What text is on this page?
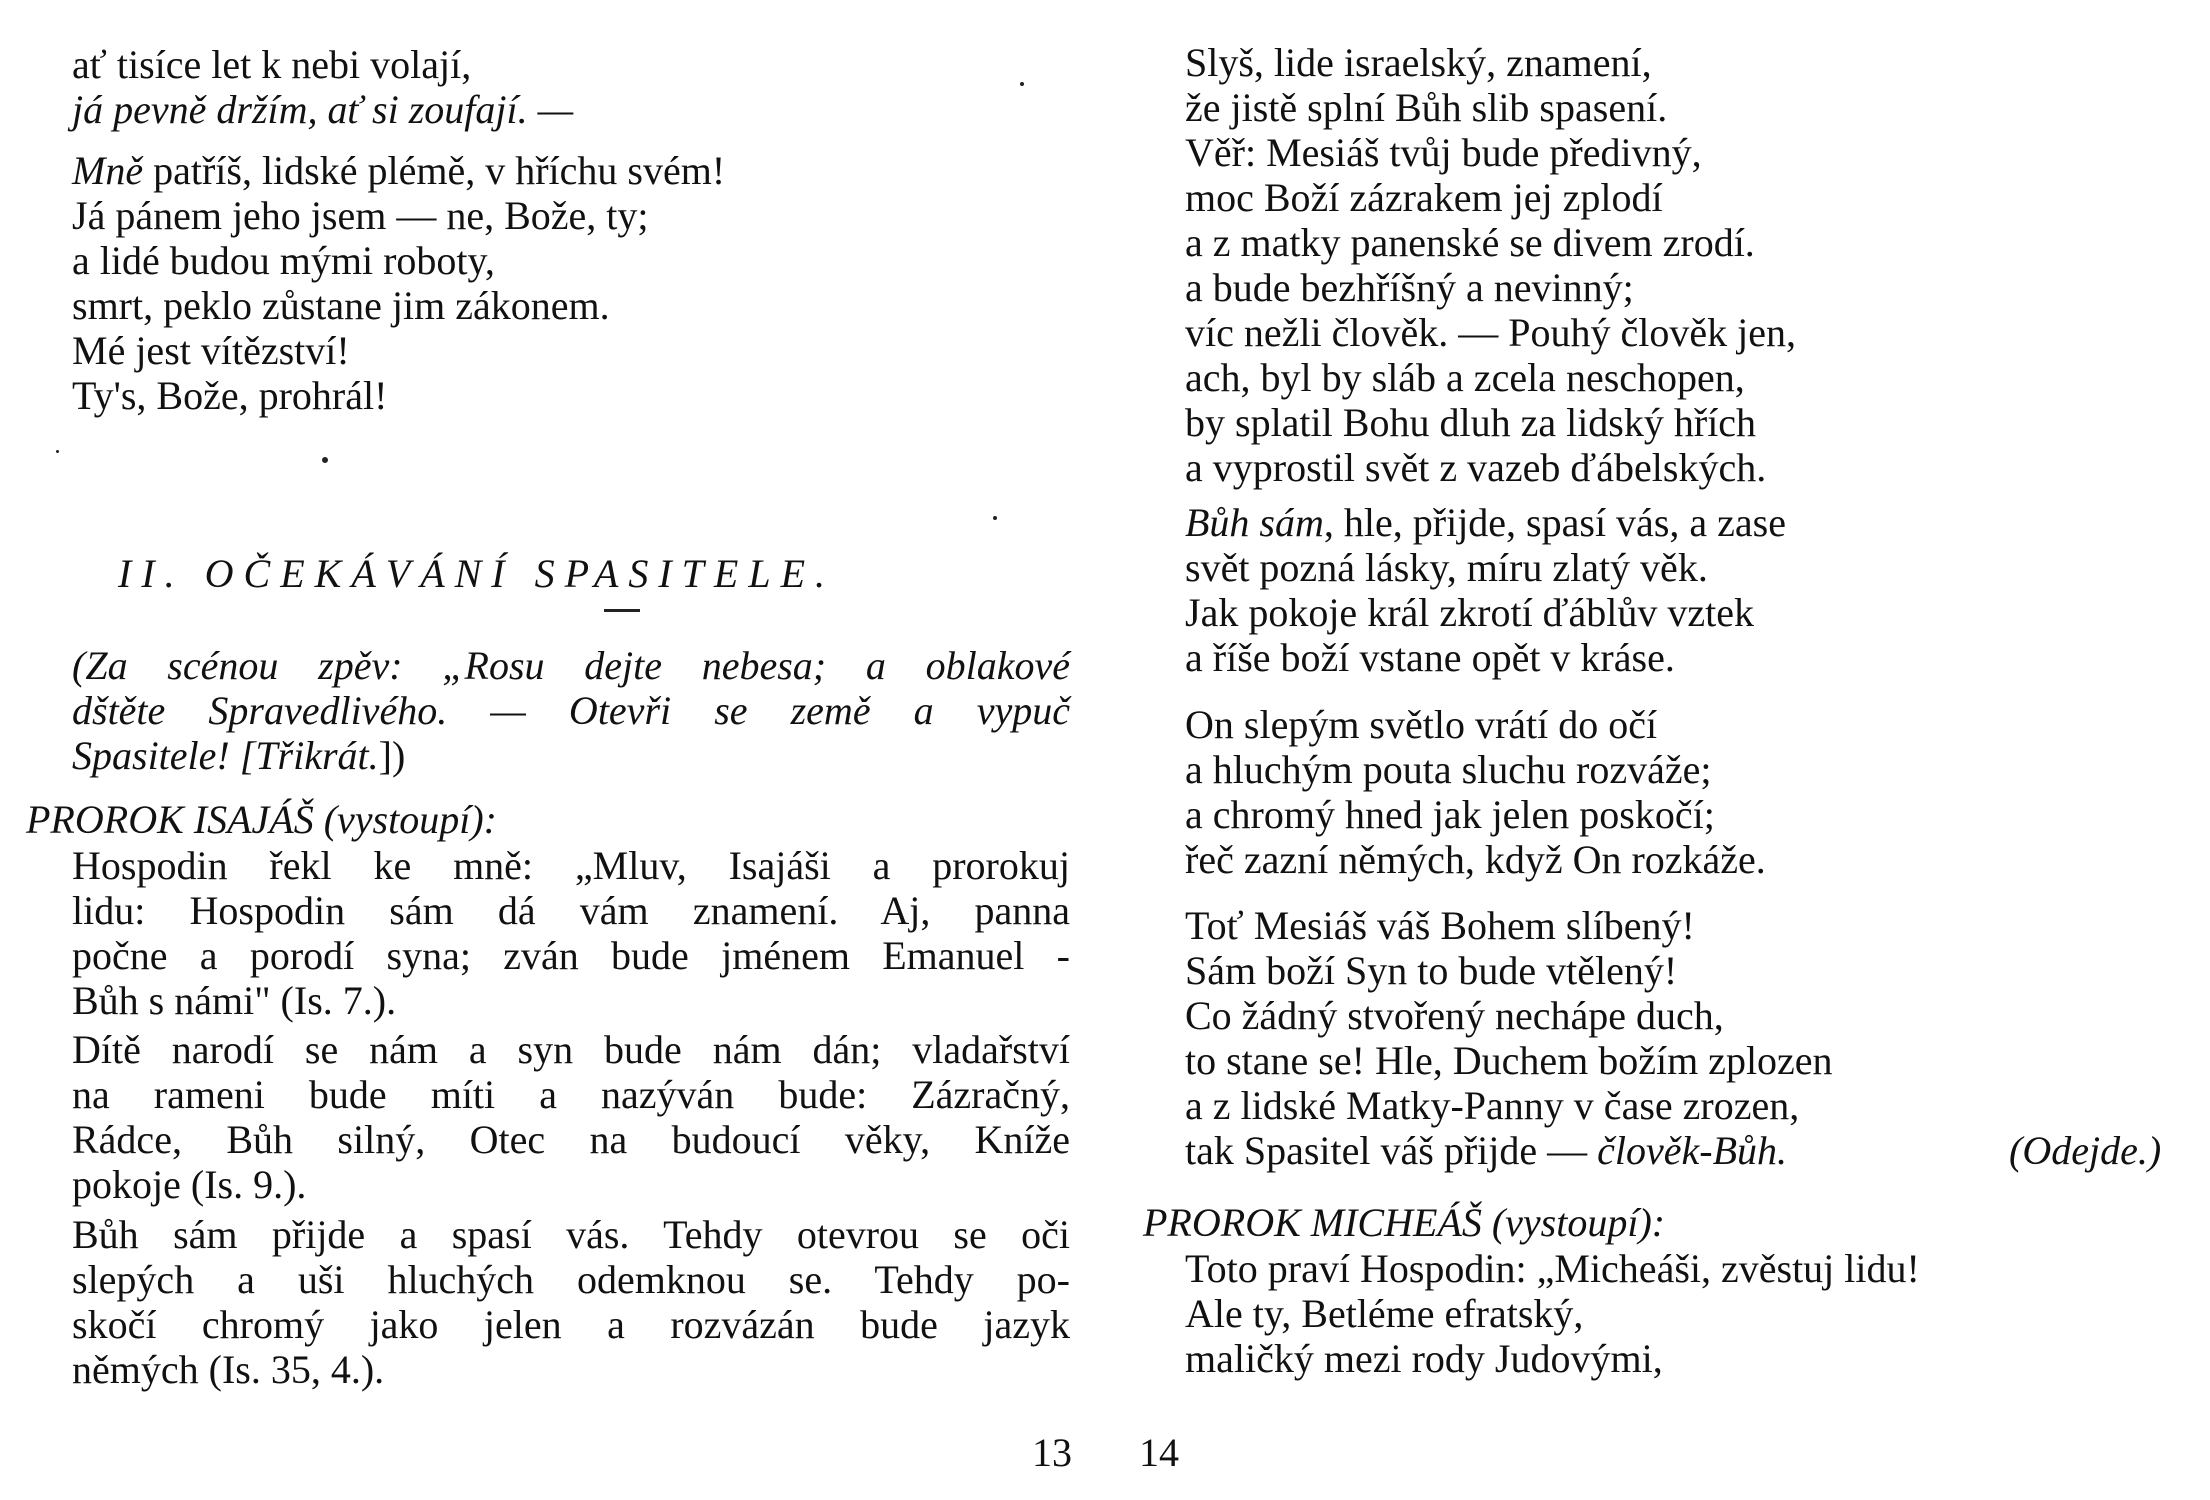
ať tisíce let k nebi volají,
já pevně držím, ať si zoufají. —
Mně patříš, lidské plémě, v hříchu svém!
Já pánem jeho jsem — ne, Bože, ty;
a lidé budou mými roboty,
smrt, peklo zůstane jim zákonem.
Mé jest vítězství!
Ty's, Bože, prohrál!
II. OČEKÁVÁNÍ SPASITELE.
(Za scénou zpěv: „Rosu dejte nebesa; a oblakové
dštěte Spravedlivého. — Otevři se země a vypuč
Spasitele! [Třikrát.])
PROROK ISAJÁŠ (vystoupí):
Hospodin řekl ke mně: „Mluv, Isajáši a prorokuj
lidu: Hospodin sám dá vám znamení. Aj, panna
počne a porodí syna; zván bude jménem Emanuel -
Bůh s námi" (Is. 7.).
Dítě narodí se nám a syn bude nám dán; vladařství
na rameni bude míti a nazýván bude: Zázračný,
Rádce, Bůh silný, Otec na budoucí věky, Kníže
pokoje (Is. 9.).
Bůh sám přijde a spasí vás. Tehdy otevrou se oči
slepých a uši hluchých odemknou se. Tehdy po-
skočí chromý jako jelen a rozvázán bude jazyk
němých (Is. 35, 4.).
13
Slyš, lide israelský, znamení,
že jistě splní Bůh slib spasení.
Věř: Mesiáš tvůj bude předivný,
moc Boží zázrakem jej zplodí
a z matky panenské se divem zrodí.
a bude bezhříšný a nevinný;
víc nežli člověk. — Pouhý člověk jen,
ach, byl by sláb a zcela neschopen,
by splatil Bohu dluh za lidský hřích
a vyprostil svět z vazeb ďábelských.
Bůh sám, hle, přijde, spasí vás, a zase
svět pozná lásky, míru zlatý věk.
Jak pokoje král zkrotí ďáblův vztek
a říše boží vstane opět v kráse.
On slepým světlo vrátí do očí
a hluchým pouta sluchu rozváže;
a chromý hned jak jelen poskočí;
řeč zazní němých, když On rozkáže.
Toť Mesiáš váš Bohem slíbený!
Sám boží Syn to bude vtělený!
Co žádný stvořený nechápe duch,
to stane se! Hle, Duchem božím zplozen
a z lidské Matky-Panny v čase zrozen,
tak Spasitel váš přijde — člověk-Bůh.	(Odejde.)
PROROK MICHEÁŠ (vystoupí):
Toto praví Hospodin: „Micheáši, zvěstuj lidu!
Ale ty, Betléme efratský,
maličký mezi rody Judovými,
14
